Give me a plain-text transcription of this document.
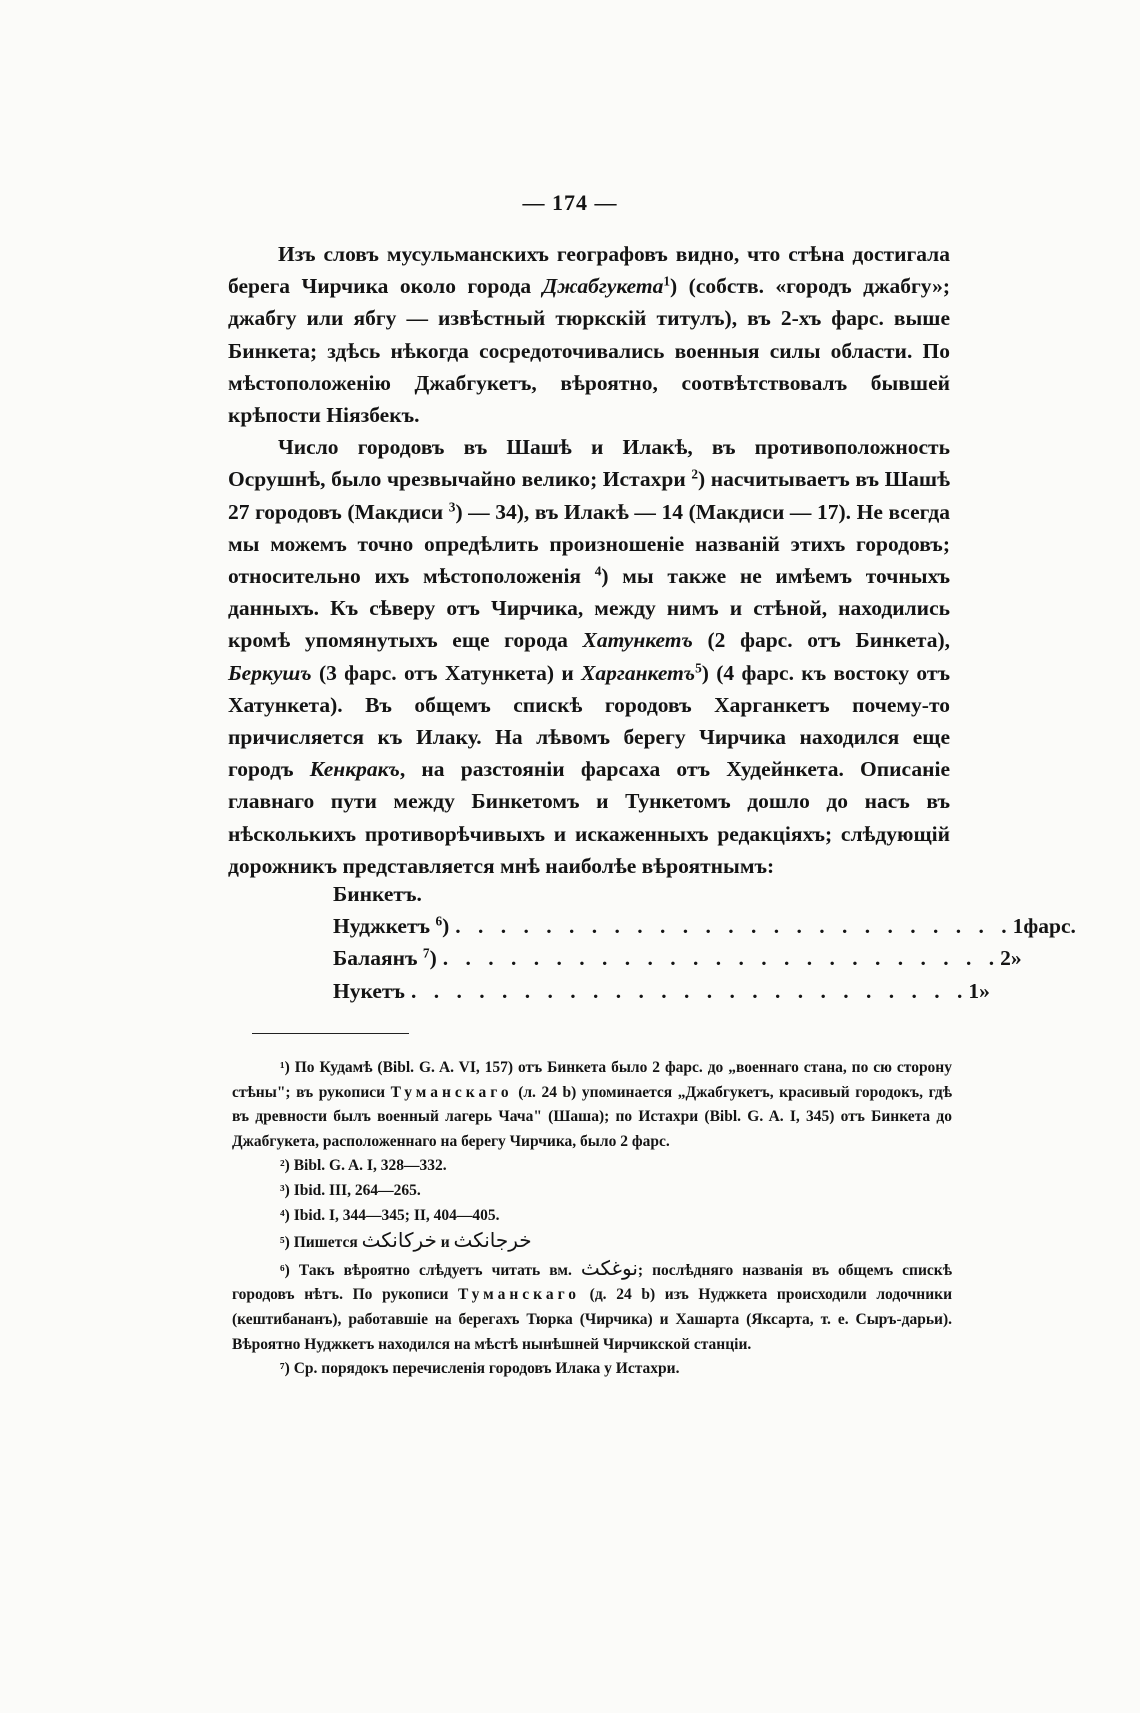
— 174 —

Изъ словъ мусульманскихъ географовъ видно, что стѣна достигала берега Чирчика около города Джабгукета$^1$) (собств. «городъ джабгу»; джабгу или ябгу — извѣстный тюркскій титулъ), въ 2-хъ фарс. выше Бинкета; здѣсь нѣкогда сосредоточивались военныя силы области. По мѣстоположенію Джабгукетъ, вѣроятно, соотвѣтствовалъ бывшей крѣпости Ніязбекъ.

Число городовъ въ Шашѣ и Илакѣ, въ противоположность Осрушнѣ, было чрезвычайно велико; Истахри $^2$) насчитываетъ въ Шашѣ 27 городовъ (Макдиси $^3$) — 34), въ Илакѣ — 14 (Макдиси — 17). Не всегда мы можемъ точно опредѣлить произношеніе названій этихъ городовъ; относительно ихъ мѣстоположенія $^4$) мы также не имѣемъ точныхъ данныхъ. Къ сѣверу отъ Чирчика, между нимъ и стѣной, находились кромѣ упомянутыхъ еще города Хатункетъ (2 фарс. отъ Бинкета), Беркушъ (3 фарс. отъ Хатункета) и Харганкетъ$^5$) (4 фарс. къ востоку отъ Хатункета). Въ общемъ спискѣ городовъ Харганкетъ почему-то причисляется къ Илаку. На лѣвомъ берегу Чирчика находился еще городъ Кенкракъ, на разстояніи фарсаха отъ Худейнкета. Описаніе главнаго пути между Бинкетомъ и Тункетомъ дошло до насъ въ нѣсколькихъ противорѣчивыхъ и искаженныхъ редакціяхъ; слѣдующій дорожникъ представляется мнѣ наиболѣе вѣроятнымъ:

Бинкетъ.
Нуджкетъ $^6$) . . . . . . . . . . . . . . . . . . . . . . . . . 1 фарс.
Балаянъ $^7$) . . . . . . . . . . . . . . . . . . . . . . . . . 2 »
Нукетъ . . . . . . . . . . . . . . . . . . . . . . . . . 1 »

¹) По Кудамѣ (Bibl. G. A. VI, 157) отъ Бинкета было 2 фарс. до „военнаго стана, по сю сторону стѣны"; въ рукописи Туманскаго (л. 24 b) упоминается „Джабгукетъ, красивый городокъ, гдѣ въ древности былъ военный лагерь Чача" (Шаша); по Истахри (Bibl. G. A. I, 345) отъ Бинкета до Джабгукета, расположеннаго на берегу Чирчика, было 2 фарс.

²) Bibl. G. A. I, 328—332.

³) Ibid. III, 264—265.

⁴) Ibid. I, 344—345; II, 404—405.

⁵) Пишется خركانكث и خرجانكث

⁶) Такъ вѣроятно слѣдуетъ читать вм. نوغكث; послѣдняго названія въ общемъ спискѣ городовъ нѣтъ. По рукописи Туманскаго (д. 24 b) изъ Нуджкета происходили лодочники (кештибананъ), работавшіе на берегахъ Тюрка (Чирчика) и Хашарта (Яксарта, т. е. Сыръ-дарьи). Вѣроятно Нуджкетъ находился на мѣстѣ нынѣшней Чирчикской станціи.

⁷) Ср. порядокъ перечисленія городовъ Илака у Истахри.
